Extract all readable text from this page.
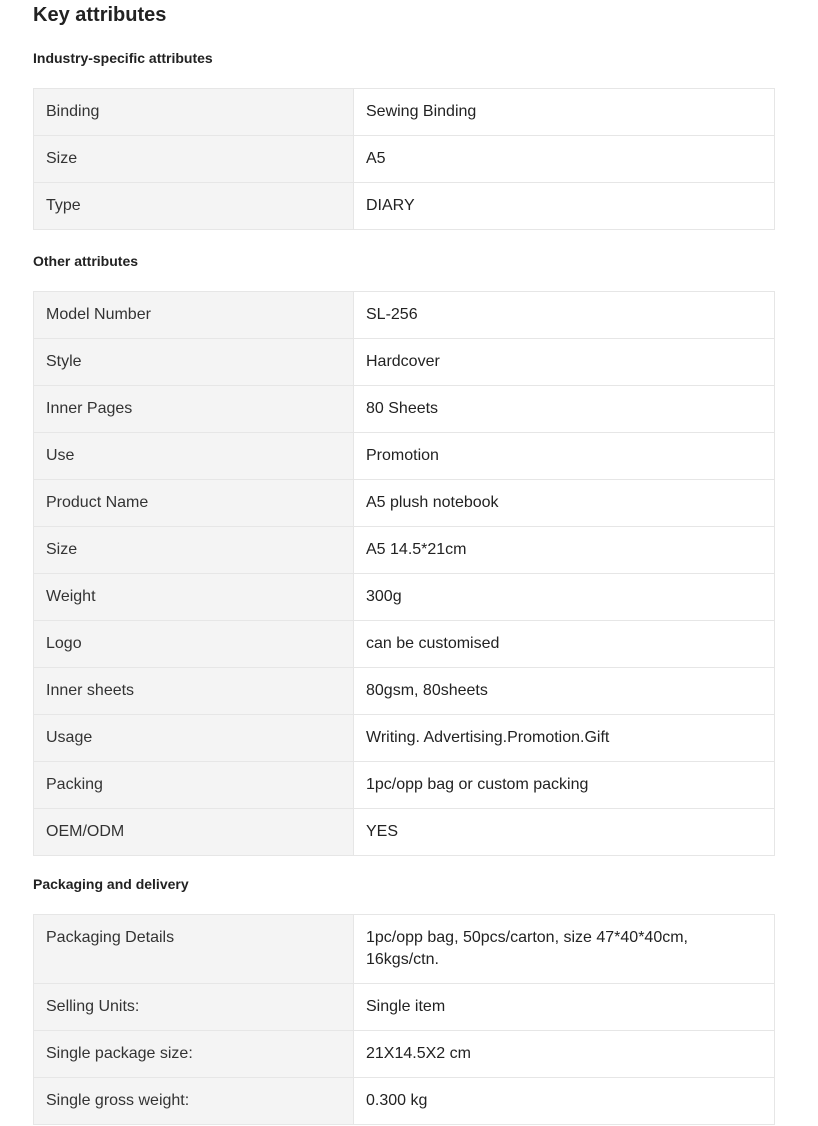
Key attributes
Industry-specific attributes
Binding	Sewing Binding
Size	A5
Type	DIARY
Other attributes
Model Number	SL-256
Style	Hardcover
Inner Pages	80 Sheets
Use	Promotion
Product Name	A5 plush notebook
Size	A5 14.5*21cm
Weight	300g
Logo	can be customised
Inner sheets	80gsm, 80sheets
Usage	Writing. Advertising.Promotion.Gift
Packing	1pc/opp bag or custom packing
OEM/ODM	YES
Packaging and delivery
Packaging Details	1pc/opp bag, 50pcs/carton, size 47*40*40cm, 16kgs/ctn.
Selling Units:	Single item
Single package size:	21X14.5X2 cm
Single gross weight:	0.300 kg
